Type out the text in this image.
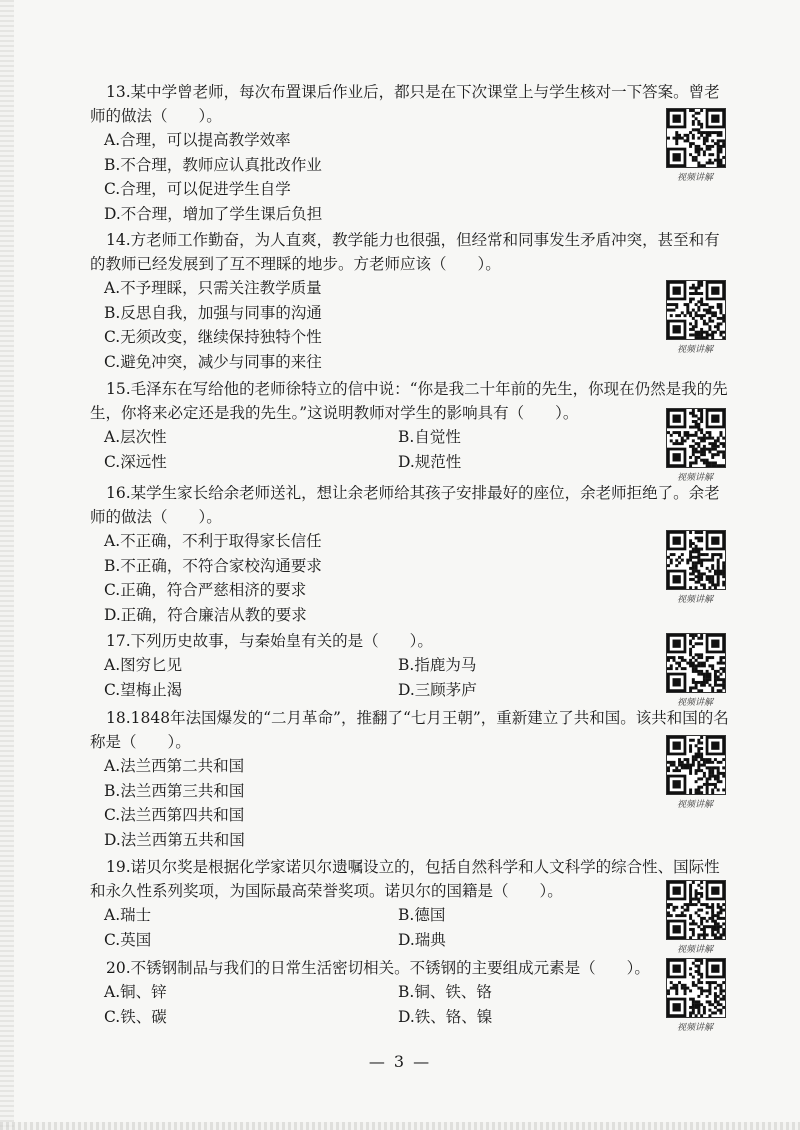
13.某中学曾老师，每次布置课后作业后，都只是在下次课堂上与学生核对一下答案。曾老师的做法（　　）。

A.合理，可以提高教学效率
B.不合理，教师应认真批改作业
C.合理，可以促进学生自学
D.不合理，增加了学生课后负担

14.方老师工作勤奋，为人直爽，教学能力也很强，但经常和同事发生矛盾冲突，甚至和有的教师已经发展到了互不理睬的地步。方老师应该（　　）。

A.不予理睬，只需关注教学质量
B.反思自我，加强与同事的沟通
C.无须改变，继续保持独特个性
C.避免冲突，减少与同事的来往

15.毛泽东在写给他的老师徐特立的信中说：“你是我二十年前的先生，你现在仍然是我的先生，你将来必定还是我的先生。”这说明教师对学生的影响具有（　　）。

A.层次性	B.自觉性
C.深远性	D.规范性

16.某学生家长给余老师送礼，想让余老师给其孩子安排最好的座位，余老师拒绝了。余老师的做法（　　）。

A.不正确，不利于取得家长信任
B.不正确，不符合家校沟通要求
C.正确，符合严慈相济的要求
D.正确，符合廉洁从教的要求

17.下列历史故事，与秦始皇有关的是（　　）。

A.图穷匕见	B.指鹿为马
C.望梅止渴	D.三顾茅庐

18.1848年法国爆发的“二月革命”，推翻了“七月王朝”，重新建立了共和国。该共和国的名称是（　　）。

A.法兰西第二共和国
B.法兰西第三共和国
C.法兰西第四共和国
D.法兰西第五共和国

19.诺贝尔奖是根据化学家诺贝尔遗嘱设立的，包括自然科学和人文科学的综合性、国际性和永久性系列奖项，为国际最高荣誉奖项。诺贝尔的国籍是（　　）。

A.瑞士	B.德国
C.英国	D.瑞典

20.不锈钢制品与我们的日常生活密切相关。不锈钢的主要组成元素是（　　）。

A.铜、锌	B.铜、铁、铬
C.铁、碳	D.铁、铬、镍
视频讲解
视频讲解
视频讲解
视频讲解
视频讲解
视频讲解
视频讲解
视频讲解
— 3 —
